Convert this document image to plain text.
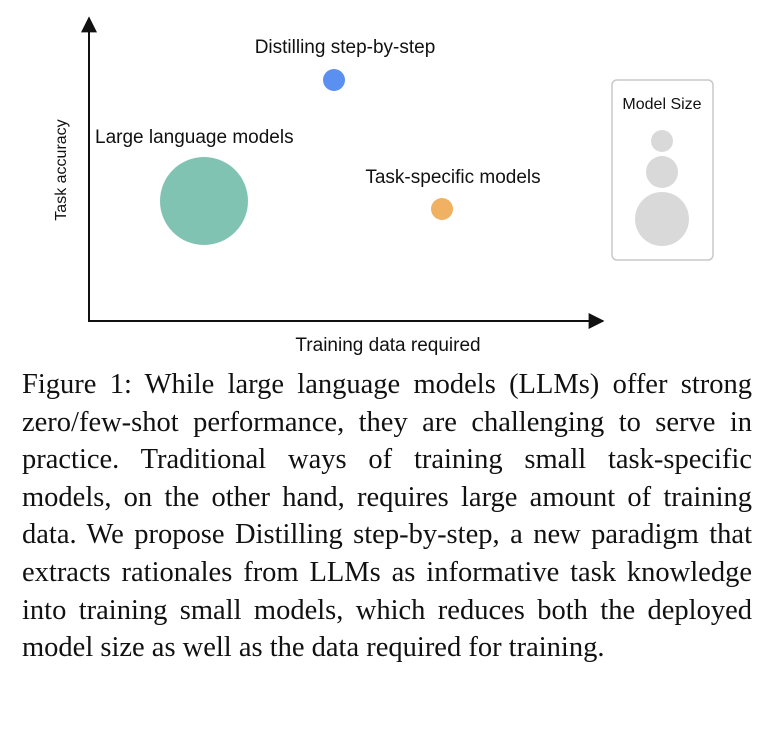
Task accuracy
Training data required
Distilling step-by-step
Large language models
Task-specific models
Model Size

Figure 1: While large language models (LLMs) offer strong zero/few-shot performance, they are challenging to serve in practice. Traditional ways of training small task-specific models, on the other hand, requires large amount of training data. We propose Distilling step-by-step, a new paradigm that extracts rationales from LLMs as informative task knowledge into training small models, which reduces both the deployed model size as well as the data required for training.
